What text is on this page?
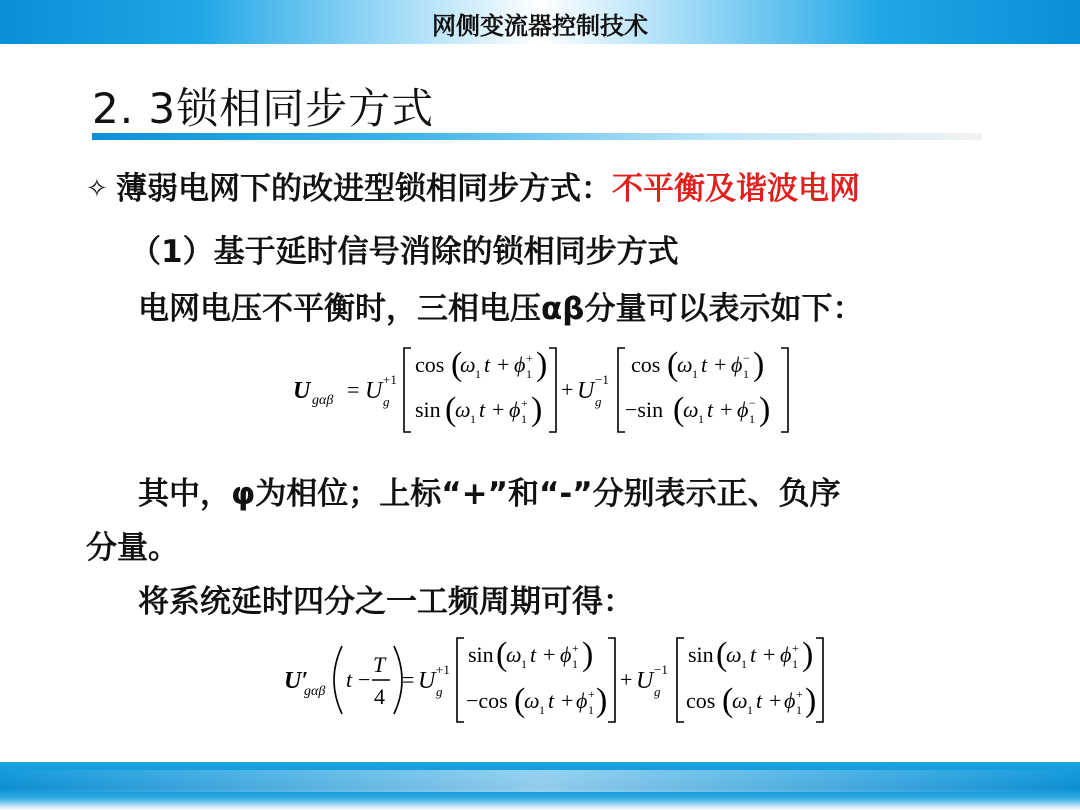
网侧变流器控制技术
2. 3锁相同步方式
✧ 薄弱电网下的改进型锁相同步方式：不平衡及谐波电网
（1）基于延时信号消除的锁相同步方式
电网电压不平衡时，三相电压αβ分量可以表示如下：
U gαβ = U +1
g
cos (
ω 1 t + ϕ +
1 )
sin (
ω 1 t + ϕ +
1 )
+ U −1
g
cos (
ω 1 t + ϕ −
1 )
−sin (
ω 1 t + ϕ −
1 )
其中，φ为相位；上标“+”和“-”分别表示正、负序
分量。
将系统延时四分之一工频周期可得：
U′
gαβ t −
T
4
= U +1
g
sin (
ω 1 t + ϕ +
1 )
−cos (
ω 1 t + ϕ +
1 )
+ U −1
g
sin (
ω 1 t + ϕ +
1 )
cos (
ω 1 t + ϕ +
1 )
